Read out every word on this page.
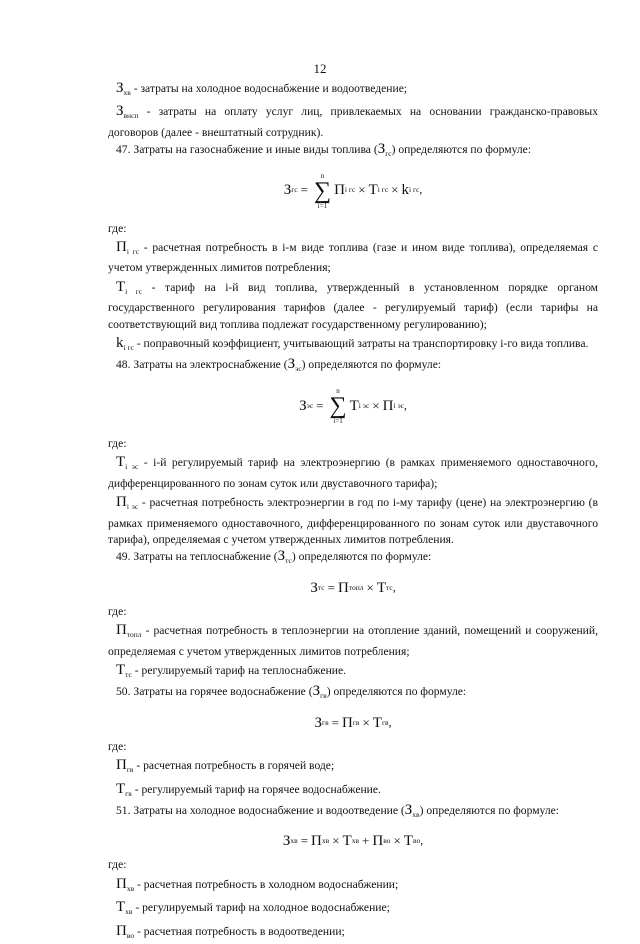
12

$З_{хв}$ - затраты на холодное водоснабжение и водоотведение;

$З_{внсп}$ - затраты на оплату услуг лиц, привлекаемых на основании гражданско-правовых договоров (далее - внештатный сотрудник).

47. Затраты на газоснабжение и иные виды топлива $(З_{гс})$ определяются по формуле:

З гс =
n
∑
i=1
П i гс × Т i гс × k i гс ,

где:

$П_{i гс}$ - расчетная потребность в i-м виде топлива (газе и ином виде топлива), определяемая с учетом утвержденных лимитов потребления;

$Т_{i гс}$ - тариф на i-й вид топлива, утвержденный в установленном порядке органом государственного регулирования тарифов (далее - регулируемый тариф) (если тарифы на соответствующий вид топлива подлежат государственному регулированию);

$k_{i гс}$ - поправочный коэффициент, учитывающий затраты на транспортировку i-го вида топлива.

48. Затраты на электроснабжение $(З_{эс})$ определяются по формуле:

З эс =
n
∑
i=1
Т i эс × П i эс ,

где:

$Т_{i эс} - i-й$ регулируемый тариф на электроэнергию (в рамках применяемого одноставочного, дифференцированного по зонам суток или двуставочного тарифа);

$П_{i эс}$ - расчетная потребность электроэнергии в год по i-му тарифу (цене) на электроэнергию (в рамках применяемого одноставочного, дифференцированного по зонам суток или двуставочного тарифа), определяемая с учетом утвержденных лимитов потребления.

49. Затраты на теплоснабжение $(З_{тс})$ определяются по формуле:

З тс = П топл × Т тс ,

где:

$П_{топл}$ - расчетная потребность в теплоэнергии на отопление зданий, помещений и сооружений, определяемая с учетом утвержденных лимитов потребления;

$Т_{тс}$ - регулируемый тариф на теплоснабжение.

50. Затраты на горячее водоснабжение $(З_{гв})$ определяются по формуле:

З гв = П гв × Т гв ,

где:

$П_{гв}$ - расчетная потребность в горячей воде;

$Т_{гв}$ - регулируемый тариф на горячее водоснабжение.

51. Затраты на холодное водоснабжение и водоотведение $(З_{хв})$ определяются по формуле:

З хв = П хв × Т хв + П во × Т во ,

где:

$П_{хв}$ - расчетная потребность в холодном водоснабжении;

$Т_{хв}$ - регулируемый тариф на холодное водоснабжение;

$П_{во}$ - расчетная потребность в водоотведении;
